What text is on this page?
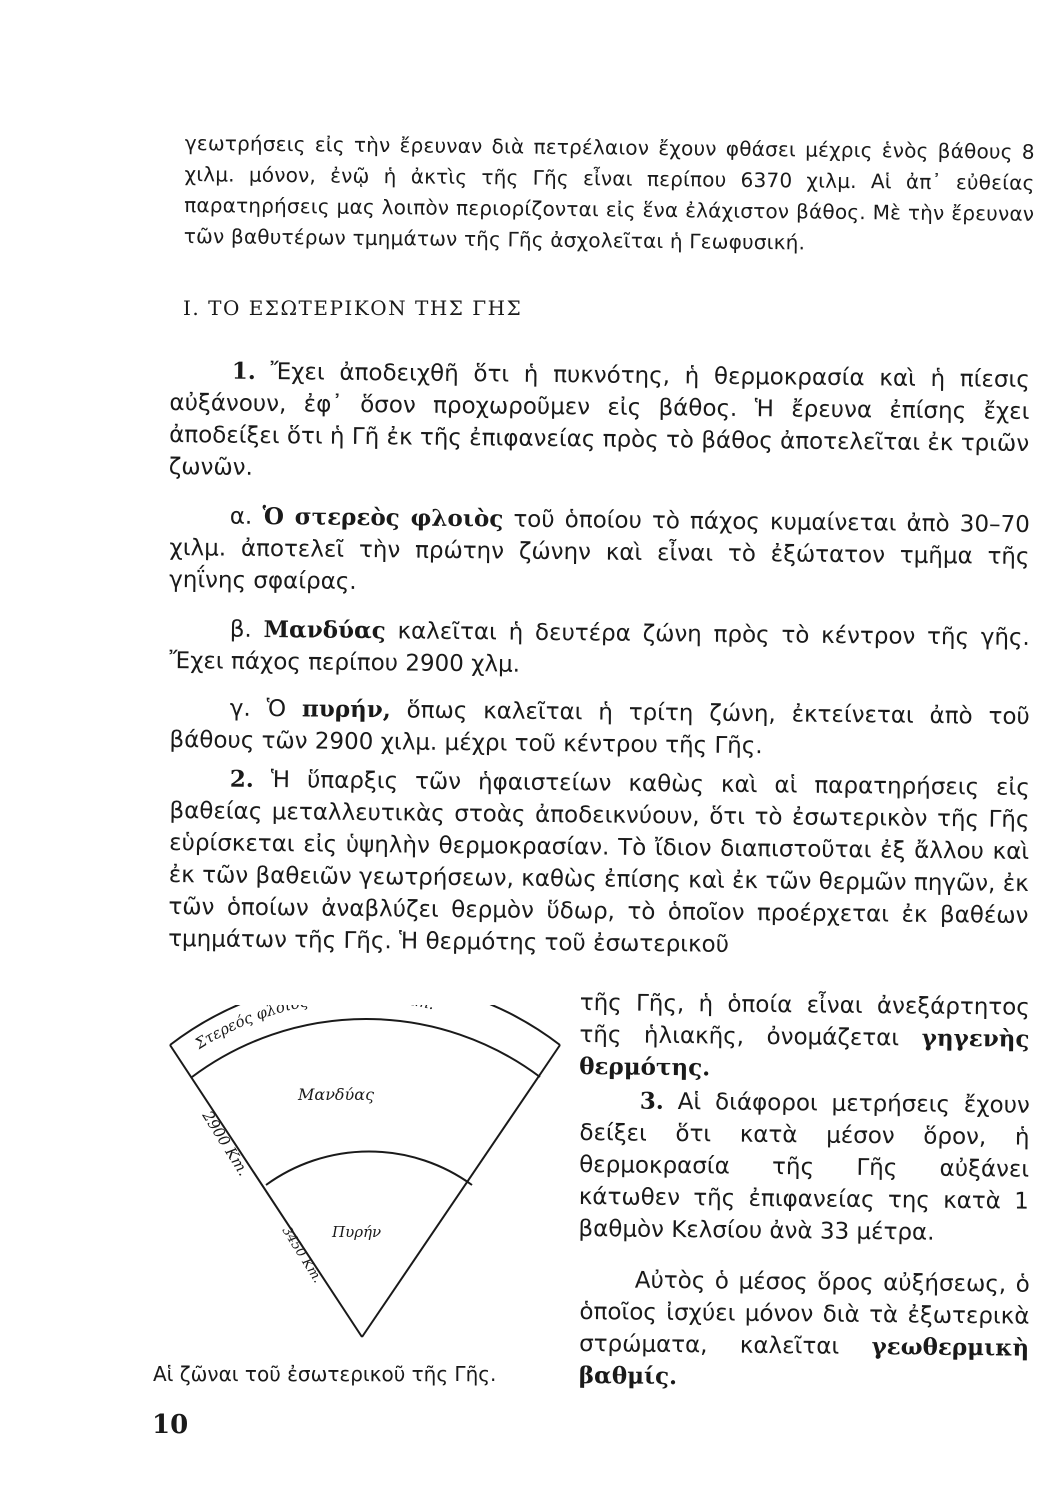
γεωτρήσεις εἰς τὴν ἔρευναν διὰ πετρέλαιον ἔχουν φθάσει μέχρις ἑνὸς βάθους 8 χιλμ. μόνον, ἐνῷ ἡ ἀκτὶς τῆς Γῆς εἶναι περίπου 6370 χιλμ. Αἱ ἀπ᾽ εὐθείας παρατηρήσεις μας λοιπὸν περιορίζονται εἰς ἕνα ἐλάχιστον βάθος. Μὲ τὴν ἔρευναν τῶν βαθυτέρων τμημάτων τῆς Γῆς ἀσχολεῖται ἡ Γεωφυσική.

I. ΤΟ ΕΣΩΤΕΡΙΚΟΝ ΤΗΣ ΓΗΣ

1. Ἔχει ἀποδειχθῆ ὅτι ἡ πυκνότης, ἡ θερμοκρασία καὶ ἡ πίεσις αὐξάνουν, ἐφ᾽ ὅσον προχωροῦμεν εἰς βάθος. Ἡ ἔρευνα ἐπίσης ἔχει ἀποδείξει ὅτι ἡ Γῆ ἐκ τῆς ἐπιφανείας πρὸς τὸ βάθος ἀποτελεῖται ἐκ τριῶν ζωνῶν.

α. Ὁ στερεὸς φλοιὸς τοῦ ὁποίου τὸ πάχος κυμαίνεται ἀπὸ 30–70 χιλμ. ἀποτελεῖ τὴν πρώτην ζώνην καὶ εἶναι τὸ ἐξώτατον τμῆμα τῆς γηΐνης σφαίρας.

β. Μανδύας καλεῖται ἡ δευτέρα ζώνη πρὸς τὸ κέντρον τῆς γῆς. Ἔχει πάχος περίπου 2900 χλμ.

γ. Ὁ πυρήν, ὅπως καλεῖται ἡ τρίτη ζώνη, ἐκτείνεται ἀπὸ τοῦ βάθους τῶν 2900 χιλμ. μέχρι τοῦ κέντρου τῆς Γῆς.

2. Ἡ ὕπαρξις τῶν ἡφαιστείων καθὼς καὶ αἱ παρατηρήσεις εἰς βαθείας μεταλλευτικὰς στοὰς ἀποδεικνύουν, ὅτι τὸ ἐσωτερικὸν τῆς Γῆς εὑρίσκεται εἰς ὑψηλὴν θερμοκρασίαν. Τὸ ἴδιον διαπιστοῦται ἐξ ἄλλου καὶ ἐκ τῶν βαθειῶν γεωτρήσεων, καθὼς ἐπίσης καὶ ἐκ τῶν θερμῶν πηγῶν, ἐκ τῶν ὁποίων ἀναβλύζει θερμὸν ὕδωρ, τὸ ὁποῖον προέρχεται ἐκ βαθέων τμημάτων τῆς Γῆς. Ἡ θερμότης τοῦ ἐσωτερικοῦ

τῆς Γῆς, ἡ ὁποία εἶναι ἀνεξάρτητος τῆς ἡλιακῆς, ὀνομάζεται γηγενὴς θερμότης.

3. Αἱ διάφοροι μετρήσεις ἔχουν δείξει ὅτι κατὰ μέσον ὅρον, ἡ θερμοκρασία τῆς Γῆς αὐξάνει κάτωθεν τῆς ἐπιφανείας της κατὰ 1 βαθμὸν Κελσίου ἀνὰ 33 μέτρα.

Αὐτὸς ὁ μέσος ὅρος αὐξήσεως, ὁ ὁποῖος ἰσχύει μόνον διὰ τὰ ἐξωτερικὰ στρώματα, καλεῖται γεωθερμικὴ βαθμίς.

Στερεός φλοι
Μανδύας
Πυρήν
2900 Κm.
3450 Κm.

Αἱ ζῶναι τοῦ ἐσωτερικοῦ τῆς Γῆς.

10
